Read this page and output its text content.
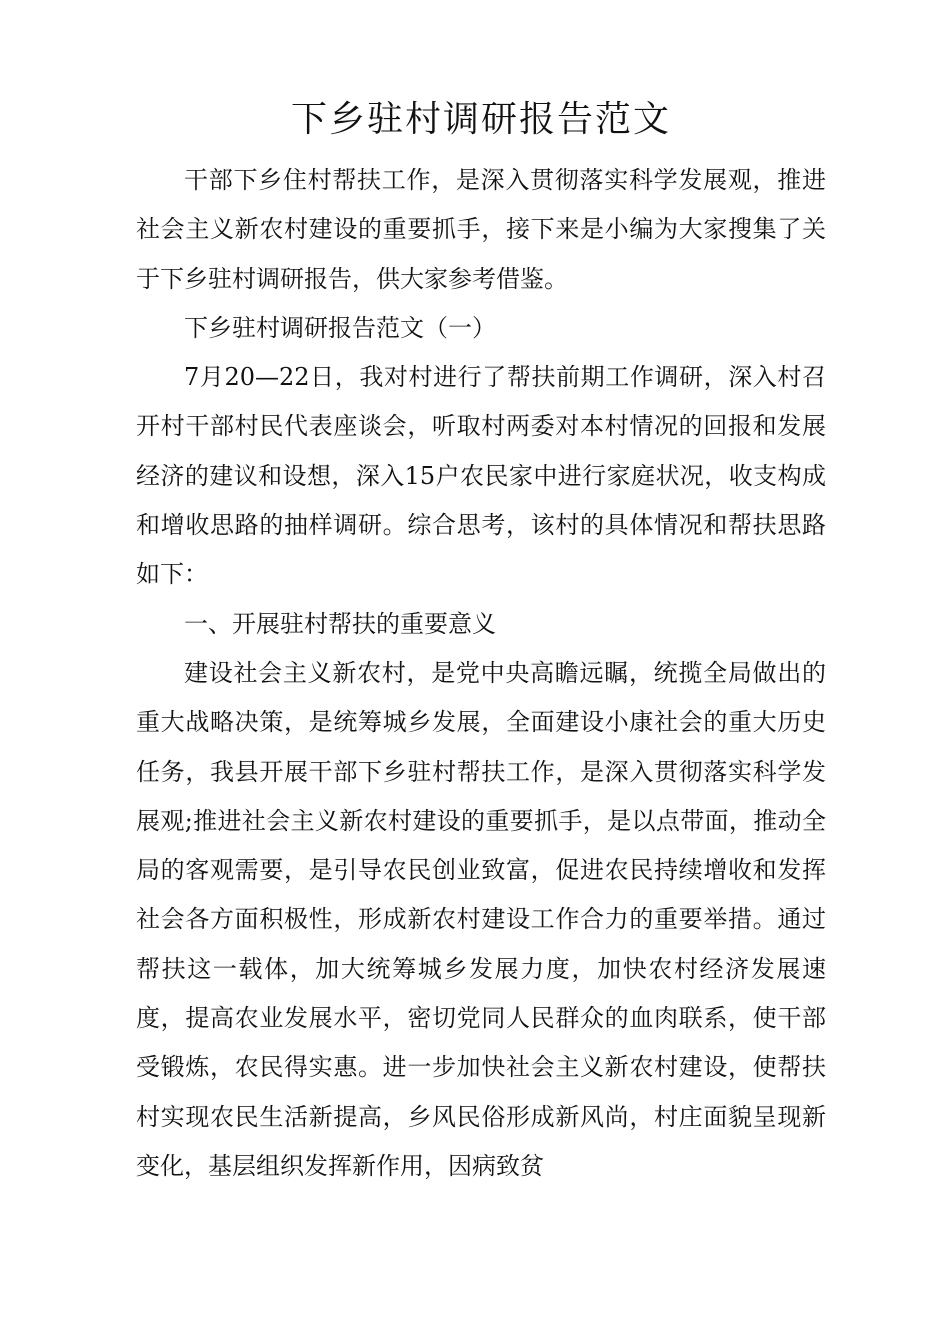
下乡驻村调研报告范文

干部下乡住村帮扶工作，是深入贯彻落实科学发展观，推进社会主义新农村建设的重要抓手，接下来是小编为大家搜集了关于下乡驻村调研报告，供大家参考借鉴。

下乡驻村调研报告范文（一）

7月20—22日，我对村进行了帮扶前期工作调研，深入村召开村干部村民代表座谈会，听取村两委对本村情况的回报和发展经济的建议和设想，深入15户农民家中进行家庭状况，收支构成和增收思路的抽样调研。综合思考，该村的具体情况和帮扶思路如下：

一、开展驻村帮扶的重要意义

建设社会主义新农村，是党中央高瞻远瞩，统揽全局做出的重大战略决策，是统筹城乡发展，全面建设小康社会的重大历史任务，我县开展干部下乡驻村帮扶工作，是深入贯彻落实科学发展观;推进社会主义新农村建设的重要抓手，是以点带面，推动全局的客观需要，是引导农民创业致富，促进农民持续增收和发挥社会各方面积极性，形成新农村建设工作合力的重要举措。通过帮扶这一载体，加大统筹城乡发展力度，加快农村经济发展速度，提高农业发展水平，密切党同人民群众的血肉联系，使干部受锻炼，农民得实惠。进一步加快社会主义新农村建设，使帮扶村实现农民生活新提高，乡风民俗形成新风尚，村庄面貌呈现新变化，基层组织发挥新作用，因病致贫
